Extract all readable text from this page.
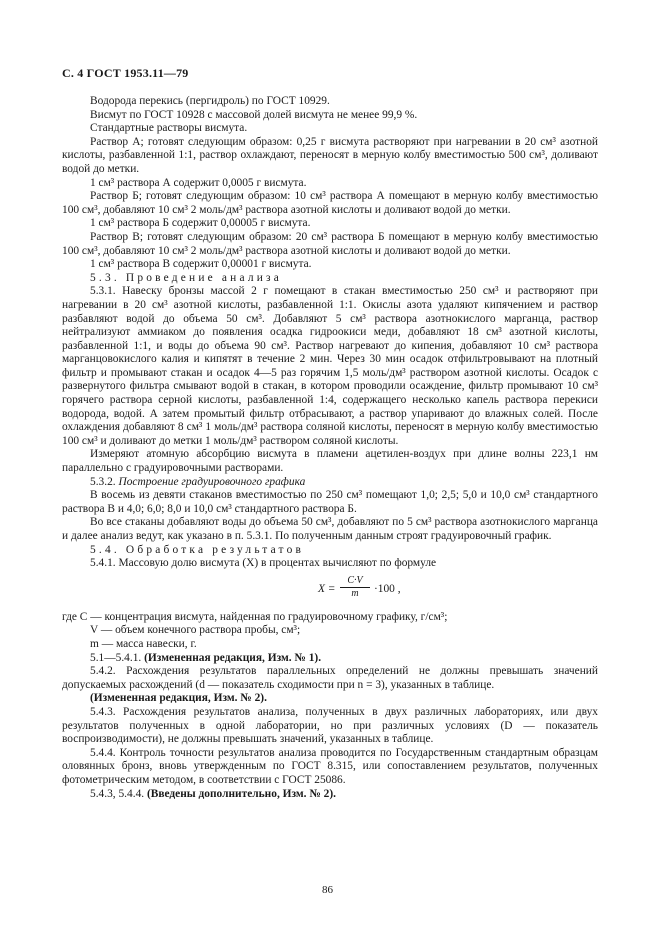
С. 4 ГОСТ 1953.11—79

Водорода перекись (пергидроль) по ГОСТ 10929.

Висмут по ГОСТ 10928 с массовой долей висмута не менее 99,9 %.

Стандартные растворы висмута.

Раствор А; готовят следующим образом: 0,25 г висмута растворяют при нагревании в 20 см³ азотной кислоты, разбавленной 1:1, раствор охлаждают, переносят в мерную колбу вместимостью 500 см³, доливают водой до метки.

1 см³ раствора А содержит 0,0005 г висмута.

Раствор Б; готовят следующим образом: 10 см³ раствора А помещают в мерную колбу вместимостью 100 см³, добавляют 10 см³ 2 моль/дм³ раствора азотной кислоты и доливают водой до метки.

1 см³ раствора Б содержит 0,00005 г висмута.

Раствор В; готовят следующим образом: 20 см³ раствора Б помещают в мерную колбу вместимостью 100 см³, добавляют 10 см³ 2 моль/дм³ раствора азотной кислоты и доливают водой до метки.

1 см³ раствора В содержит 0,00001 г висмута.

5.3. Проведение анализа

5.3.1. Навеску бронзы массой 2 г помещают в стакан вместимостью 250 см³ и растворяют при нагревании в 20 см³ азотной кислоты, разбавленной 1:1. Окислы азота удаляют кипячением и раствор разбавляют водой до объема 50 см³. Добавляют 5 см³ раствора азотнокислого марганца, раствор нейтрализуют аммиаком до появления осадка гидроокиси меди, добавляют 18 см³ азотной кислоты, разбавленной 1:1, и воды до объема 90 см³. Раствор нагревают до кипения, добавляют 10 см³ раствора марганцовокислого калия и кипятят в течение 2 мин. Через 30 мин осадок отфильтровывают на плотный фильтр и промывают стакан и осадок 4—5 раз горячим 1,5 моль/дм³ раствором азотной кислоты. Осадок с развернутого фильтра смывают водой в стакан, в котором проводили осаждение, фильтр промывают 10 см³ горячего раствора серной кислоты, разбавленной 1:4, содержащего несколько капель раствора перекиси водорода, водой. А затем промытый фильтр отбрасывают, а раствор упаривают до влажных солей. После охлаждения добавляют 8 см³ 1 моль/дм³ раствора соляной кислоты, переносят в мерную колбу вместимостью 100 см³ и доливают до метки 1 моль/дм³ раствором соляной кислоты.

Измеряют атомную абсорбцию висмута в пламени ацетилен-воздух при длине волны 223,1 нм параллельно с градуировочными растворами.

5.3.2. Построение градуировочного графика

В восемь из девяти стаканов вместимостью по 250 см³ помещают 1,0; 2,5; 5,0 и 10,0 см³ стандартного раствора В и 4,0; 6,0; 8,0 и 10,0 см³ стандартного раствора Б.

Во все стаканы добавляют воды до объема 50 см³, добавляют по 5 см³ раствора азотнокислого марганца и далее анализ ведут, как указано в п. 5.3.1. По полученным данным строят градуировочный график.

5.4. Обработка результатов

5.4.1. Массовую долю висмута (X) в процентах вычисляют по формуле

$X = \frac{C\cdot V}{m} \cdot 100$ ,

где C — концентрация висмута, найденная по градуировочному графику, г/см³;

V — объем конечного раствора пробы, см³;

m — масса навески, г.

5.1—5.4.1. (Измененная редакция, Изм. № 1).

5.4.2. Расхождения результатов параллельных определений не должны превышать значений допускаемых расхождений (d — показатель сходимости при n = 3), указанных в таблице.

(Измененная редакция, Изм. № 2).

5.4.3. Расхождения результатов анализа, полученных в двух различных лабораториях, или двух результатов полученных в одной лаборатории, но при различных условиях (D — показатель воспроизводимости), не должны превышать значений, указанных в таблице.

5.4.4. Контроль точности результатов анализа проводится по Государственным стандартным образцам оловянных бронз, вновь утвержденным по ГОСТ 8.315, или сопоставлением результатов, полученных фотометрическим методом, в соответствии с ГОСТ 25086.

5.4.3, 5.4.4. (Введены дополнительно, Изм. № 2).

86
